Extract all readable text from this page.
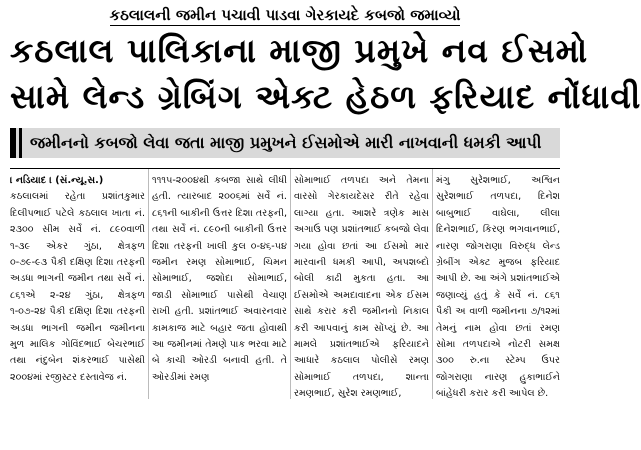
કઠલાલની જમીન પચાવી પાડવા ગેરકાયદે કબજો જમાવ્યો
કઠલાલ પાલિકાના માજી પ્રમુખે નવ ઈસમો
સામે લેન્ડ ગ્રેબિંગ એક્ટ હેઠળ ફરિયાદ નોંધાવી
જમીનનો કબજો લેવા જતા માજી પ્રમુખને ઈસમોએ મારી નાખવાની ધમકી આપી
। નડિયાદ । (સં.ન્યૂ.સ.)
કઠલાલમાં રહેતા પ્રશાંતકુમાર દિલીપભાઈ પટેલે કઠલાલ ખાતા નં. ૨૩૦૦ સીમ સર્વે નં. ૮૯૦વાળી ૧-૩૯ એકર ગુંઠા, ક્ષેત્રફળ ૦-૭૯-૯૩ પૈકી દક્ષિણ દિશા તરફની અડધા ભાગની જમીન તથા સર્વે નં. ૮૬૧એ ૨-૨૪ ગુંઠા, ક્ષેત્રફળ ૧-૦૭-૨૪ પૈકી દક્ષિણ દિશા તરફની અડધા ભાગની જમીન જમીનના મુળ માલિક ગોવિંદભાઈ બેચરભાઈ તથા નંદુબેન શંકરભાઈ પાસેથી ૨૦૦૪માં રજીસ્ટર દસ્તાવેજ નં.
૧૧૧૫-૨૦૦૪થી કબજા સાથે લીધી હતી. ત્યારબાદ ૨૦૦૬માં સર્વે નં. ૮૬૧ની બાકીની ઉત્તર દિશા તરફની, તથા સર્વે નં. ૮૯૦ની બાકીની ઉત્તર દિશા તરફની ખાલી કુલ ૦-૪૬-૫૪ જમીન રમણ સોમાભાઈ, ચિમન સોમાભાઈ, જશોદા સોમાભાઈ, જાડી સોમાભાઈ પાસેથી વેચાણ રાખી હતી. પ્રશાંતભાઈ અવારનવાર કામકાજ માટે બહાર જતા હોવાથી આ જમીનમાં તેમણે પાક ભરવા માટે બે કાચી ઓરડી બનાવી હતી. તે ઓરડીમાં રમણ
સોમાભાઈ તળપદા અને તેમના વારસો ગેરકાયદેસર રીતે રહેવા લાગ્યા હતા. આશરે ત્રણેક માસ અગાઉ પણ પ્રશાંતભાઈ કબજો લેવા ગયા હોવા છતાં આ ઈસમો માર મારવાની ધમકી આપી, અપશબ્દો બોલી કાઢી મુકતા હતા. આ ઈસમોએ અમદાવાદના એક ઈસમ સાથે કરાર કરી જમીનનો નિકાલ કરી આપવાનું કામ સોંપ્યું છે. આ મામલે પ્રશાંતભાઈએ ફરિયાદને આધારે કઠલાલ પોલીસે રમણ સોમાભાઈ તળપદા, શાન્તા રમણભાઈ, સુરેશ રમણભાઈ,
મંગુ સુરેશભાઈ, અશ્વિન સુરેશભાઈ તળપદા, દિનેશ બાબુભાઈ વાઘેલા, લીલા દિનેશભાઈ, કિરણ ભગવાનભાઈ, નારણ જોગરાણા વિરુદ્ધ લેન્ડ ગ્રેબીંગ એક્ટ મુજબ ફરિયાદ આપી છે. આ અંગે પ્રશાંતભાઈએ જણાવ્યું હતું કે સર્વે નં. ૮૬૧ પૈકી અ વાળી જમીનના ૭/૧૨માં તેમનું નામ હોવા છતાં રમણ સોમા તળપદાએ નોટરી સમક્ષ ૩૦૦ રુ.ના સ્ટેમ્પ ઉપર જોગરાણા નારણ હુકાભાઈને બાંહેધરી કરાર કરી આપેલ છે.
